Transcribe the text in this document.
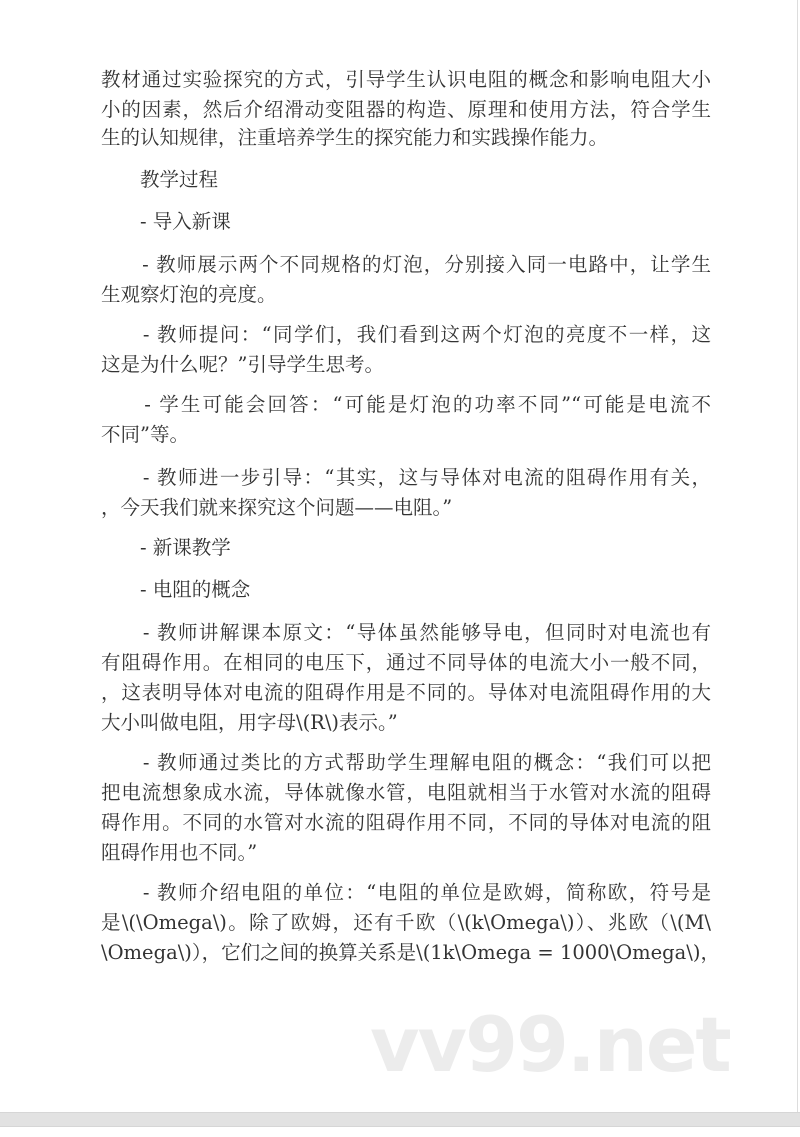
教材通过实验探究的方式，引导学生认识电阻的概念和影响电阻大小
小的因素，然后介绍滑动变阻器的构造、原理和使用方法，符合学生
生的认知规律，注重培养学生的探究能力和实践操作能力。
　　教学过程
　　- 导入新课
　　- 教师展示两个不同规格的灯泡，分别接入同一电路中，让学生
生观察灯泡的亮度。
　　- 教师提问：“同学们，我们看到这两个灯泡的亮度不一样，这
这是为什么呢？”引导学生思考。
　　- 学生可能会回答：“可能是灯泡的功率不同”“可能是电流不
不同”等。
　　- 教师进一步引导：“其实，这与导体对电流的阻碍作用有关，
，今天我们就来探究这个问题——电阻。”
　　- 新课教学
　　- 电阻的概念
　　- 教师讲解课本原文：“导体虽然能够导电，但同时对电流也有
有阻碍作用。在相同的电压下，通过不同导体的电流大小一般不同，
，这表明导体对电流的阻碍作用是不同的。导体对电流阻碍作用的大
大小叫做电阻，用字母\(R\)表示。”
　　- 教师通过类比的方式帮助学生理解电阻的概念：“我们可以把
把电流想象成水流，导体就像水管，电阻就相当于水管对水流的阻碍
碍作用。不同的水管对水流的阻碍作用不同，不同的导体对电流的阻
阻碍作用也不同。”
　　- 教师介绍电阻的单位：“电阻的单位是欧姆，简称欧，符号是
是\(\Omega\)。除了欧姆，还有千欧（\(k\Omega\)）、兆欧（\(M\
\Omega\)），它们之间的换算关系是\(1k\Omega = 1000\Omega\)，
vv99.net
